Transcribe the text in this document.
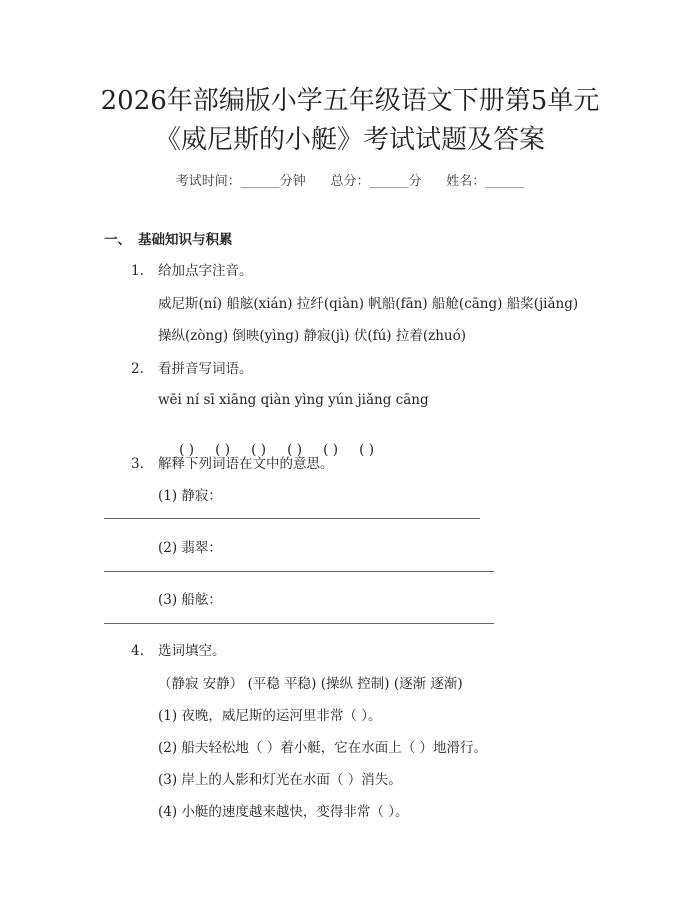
2026年部编版小学五年级语文下册第5单元
《威尼斯的小艇》考试试题及答案
考试时间：______分钟      总分：______分      姓名：______
一、 基础知识与积累
1. 给加点字注音。
威尼斯(ní) 船舷(xián) 拉纤(qiàn) 帆船(fān) 船舱(cāng) 船桨(jiǎng)
操纵(zòng) 倒映(yìng) 静寂(jì) 伏(fú) 拉着(zhuó)
2. 看拼音写词语。
wēi ní sī xiāng qiàn yìng yún jiǎng cāng

( ) ( ) ( ) ( ) ( ) ( )

3. 解释下列词语在文中的意思。
(1) 静寂：
(2) 翡翠：
(3) 船舷：
4. 选词填空。
（静寂 安静） (平稳 平稳) (操纵 控制) (逐渐 逐渐)
(1) 夜晚，威尼斯的运河里非常（ ）。
(2) 船夫轻松地（ ）着小艇，它在水面上（ ）地滑行。
(3) 岸上的人影和灯光在水面（ ）消失。
(4) 小艇的速度越来越快，变得非常（ ）。
